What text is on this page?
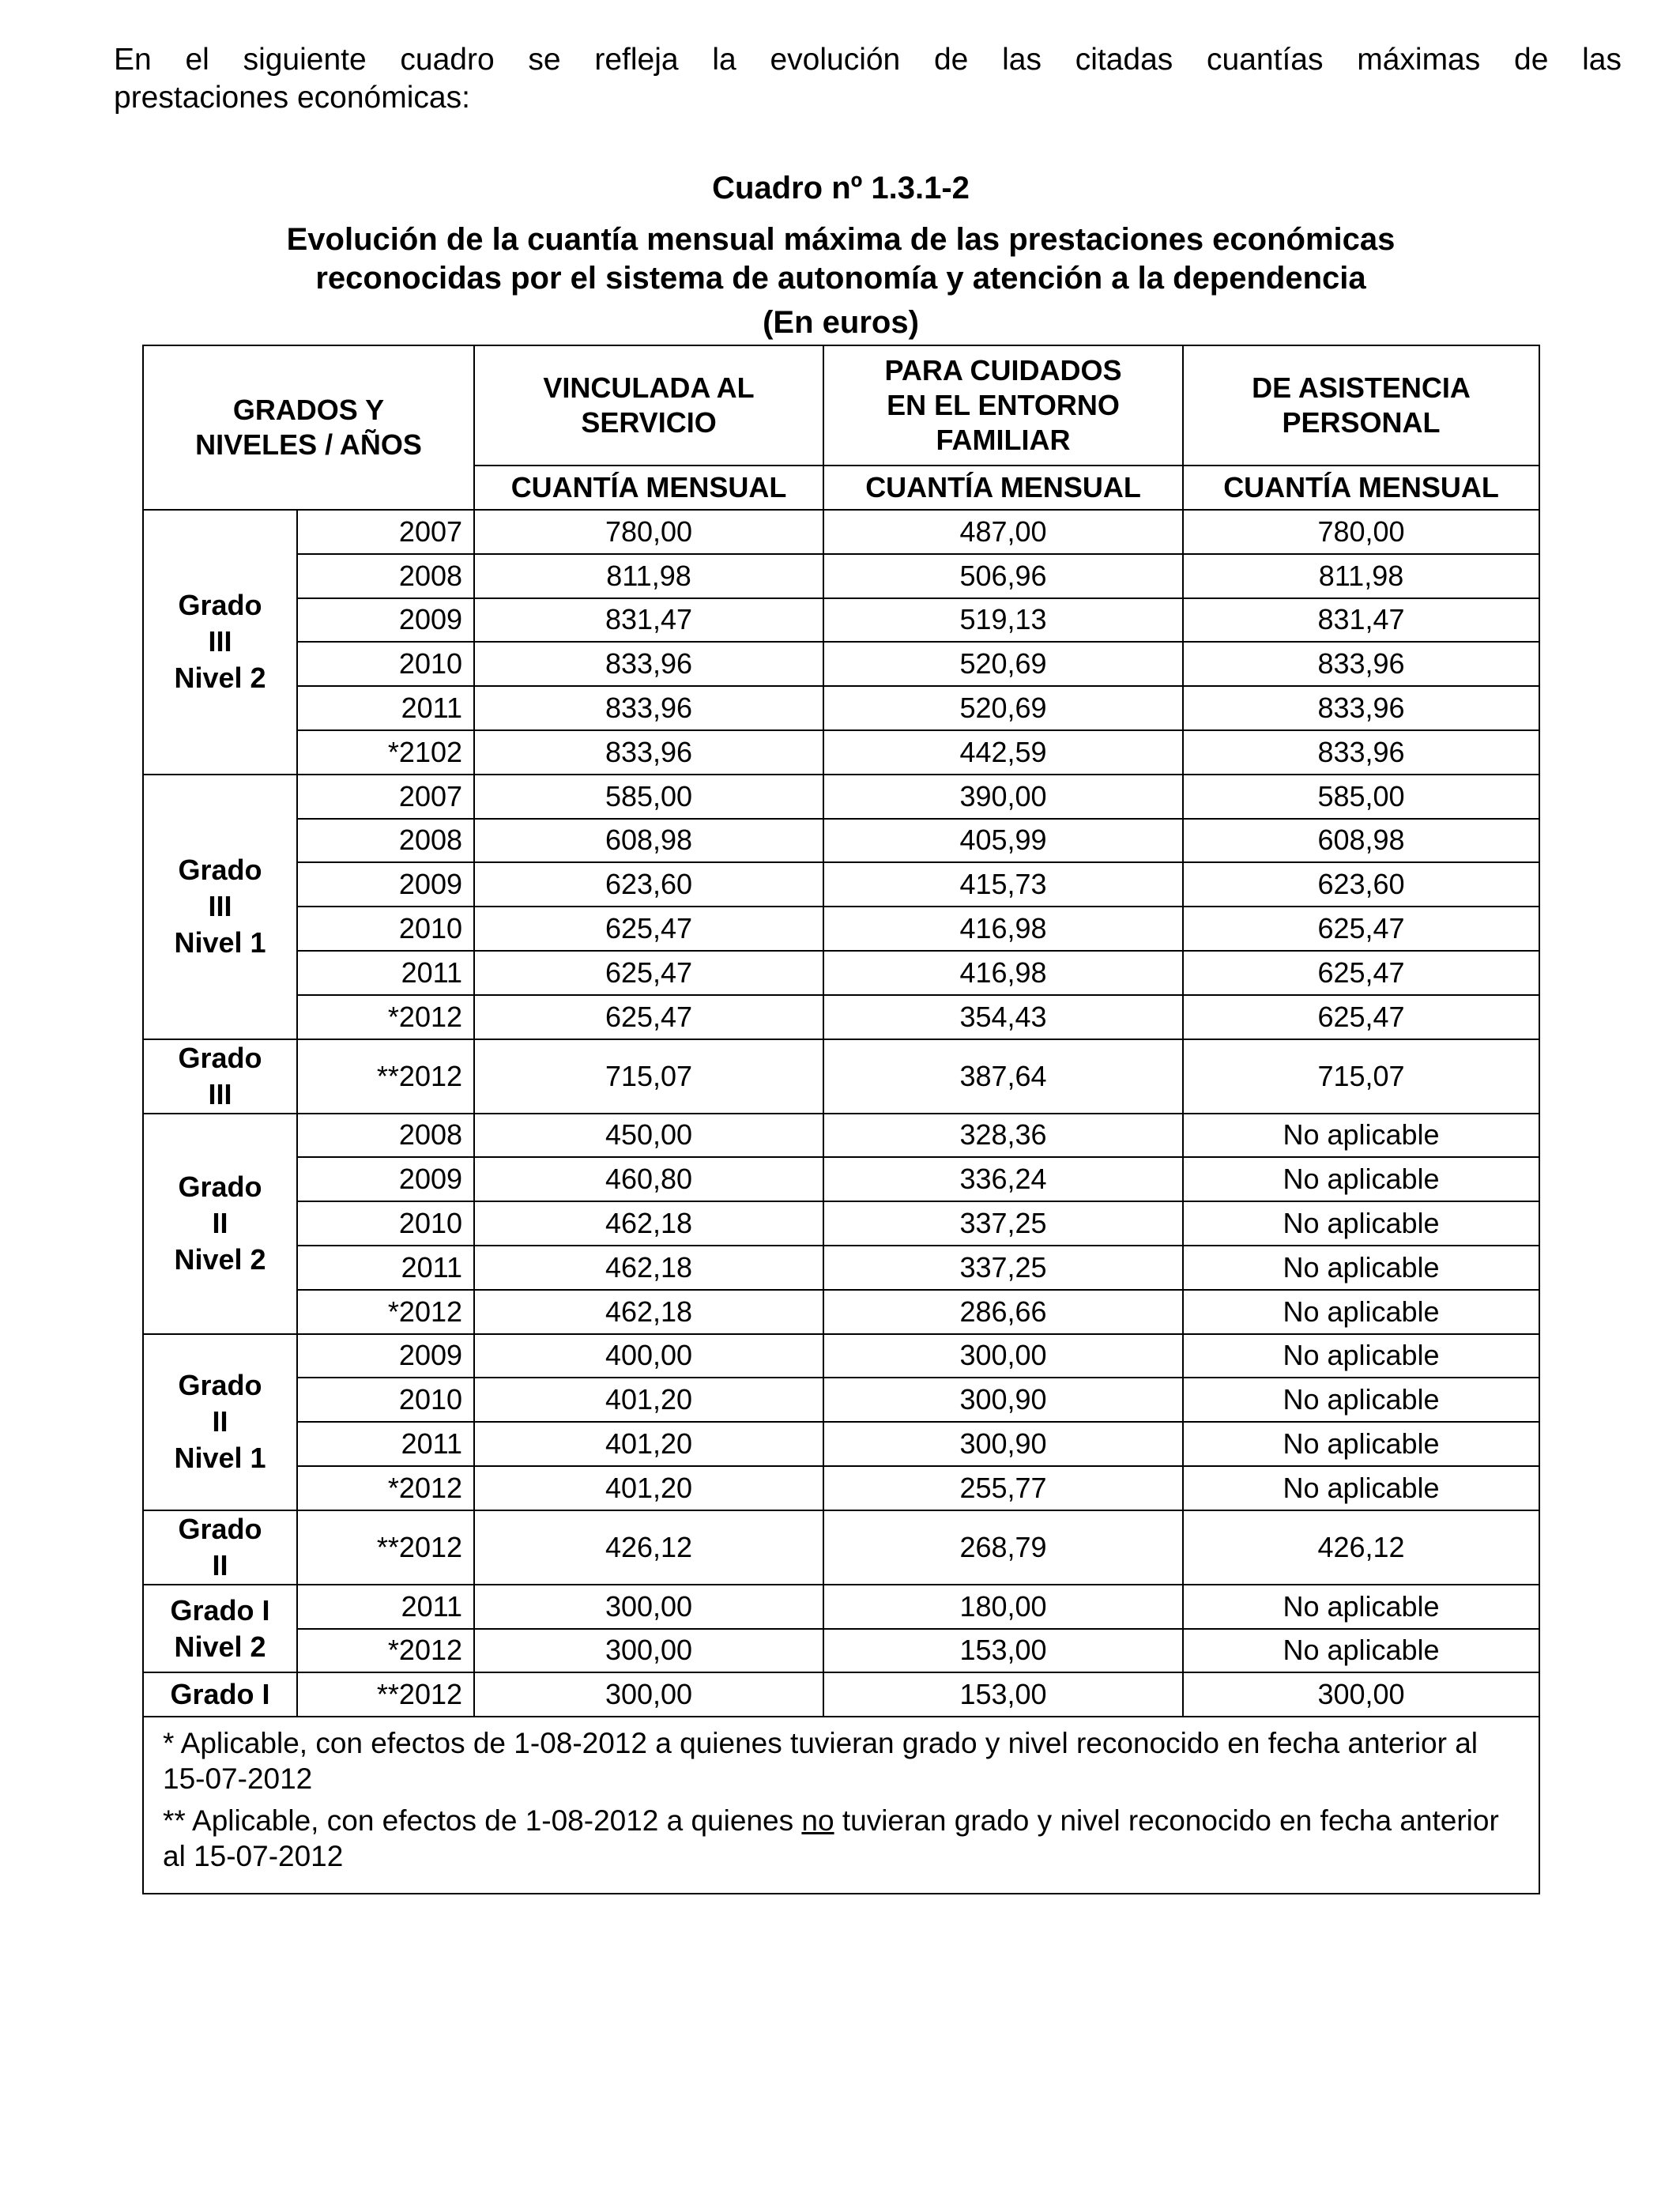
En el siguiente cuadro se refleja la evolución de las citadas cuantías máximas de las
prestaciones económicas:

Cuadro nº 1.3.1-2
Evolución de la cuantía mensual máxima de las prestaciones económicas
reconocidas por el sistema de autonomía y atención a la dependencia
(En euros)
GRADOS Y NIVELES / AÑOS		VINCULADA AL SERVICIO	PARA CUIDADOS EN EL ENTORNO FAMILIAR	DE ASISTENCIA PERSONAL
		CUANTÍA MENSUAL	CUANTÍA MENSUAL	CUANTÍA MENSUAL
Grado
III
Nivel 2	2007	780,00	487,00	780,00
	2008	811,98	506,96	811,98
	2009	831,47	519,13	831,47
	2010	833,96	520,69	833,96
	2011	833,96	520,69	833,96
	*2102	833,96	442,59	833,96
Grado
III
Nivel 1	2007	585,00	390,00	585,00
	2008	608,98	405,99	608,98
	2009	623,60	415,73	623,60
	2010	625,47	416,98	625,47
	2011	625,47	416,98	625,47
	*2012	625,47	354,43	625,47
Grado
III	**2012	715,07	387,64	715,07
Grado
II
Nivel 2	2008	450,00	328,36	No aplicable
	2009	460,80	336,24	No aplicable
	2010	462,18	337,25	No aplicable
	2011	462,18	337,25	No aplicable
	*2012	462,18	286,66	No aplicable
Grado
II
Nivel 1	2009	400,00	300,00	No aplicable
	2010	401,20	300,90	No aplicable
	2011	401,20	300,90	No aplicable
	*2012	401,20	255,77	No aplicable
Grado
II	**2012	426,12	268,79	426,12
Grado I
Nivel 2	2011	300,00	180,00	No aplicable
	*2012	300,00	153,00	No aplicable
Grado I	**2012	300,00	153,00	300,00

* Aplicable, con efectos de 1-08-2012 a quienes tuvieran grado y nivel reconocido en fecha anterior al 15-07-2012
** Aplicable, con efectos de 1-08-2012 a quienes no tuvieran grado y nivel reconocido en fecha anterior al 15-07-2012				
